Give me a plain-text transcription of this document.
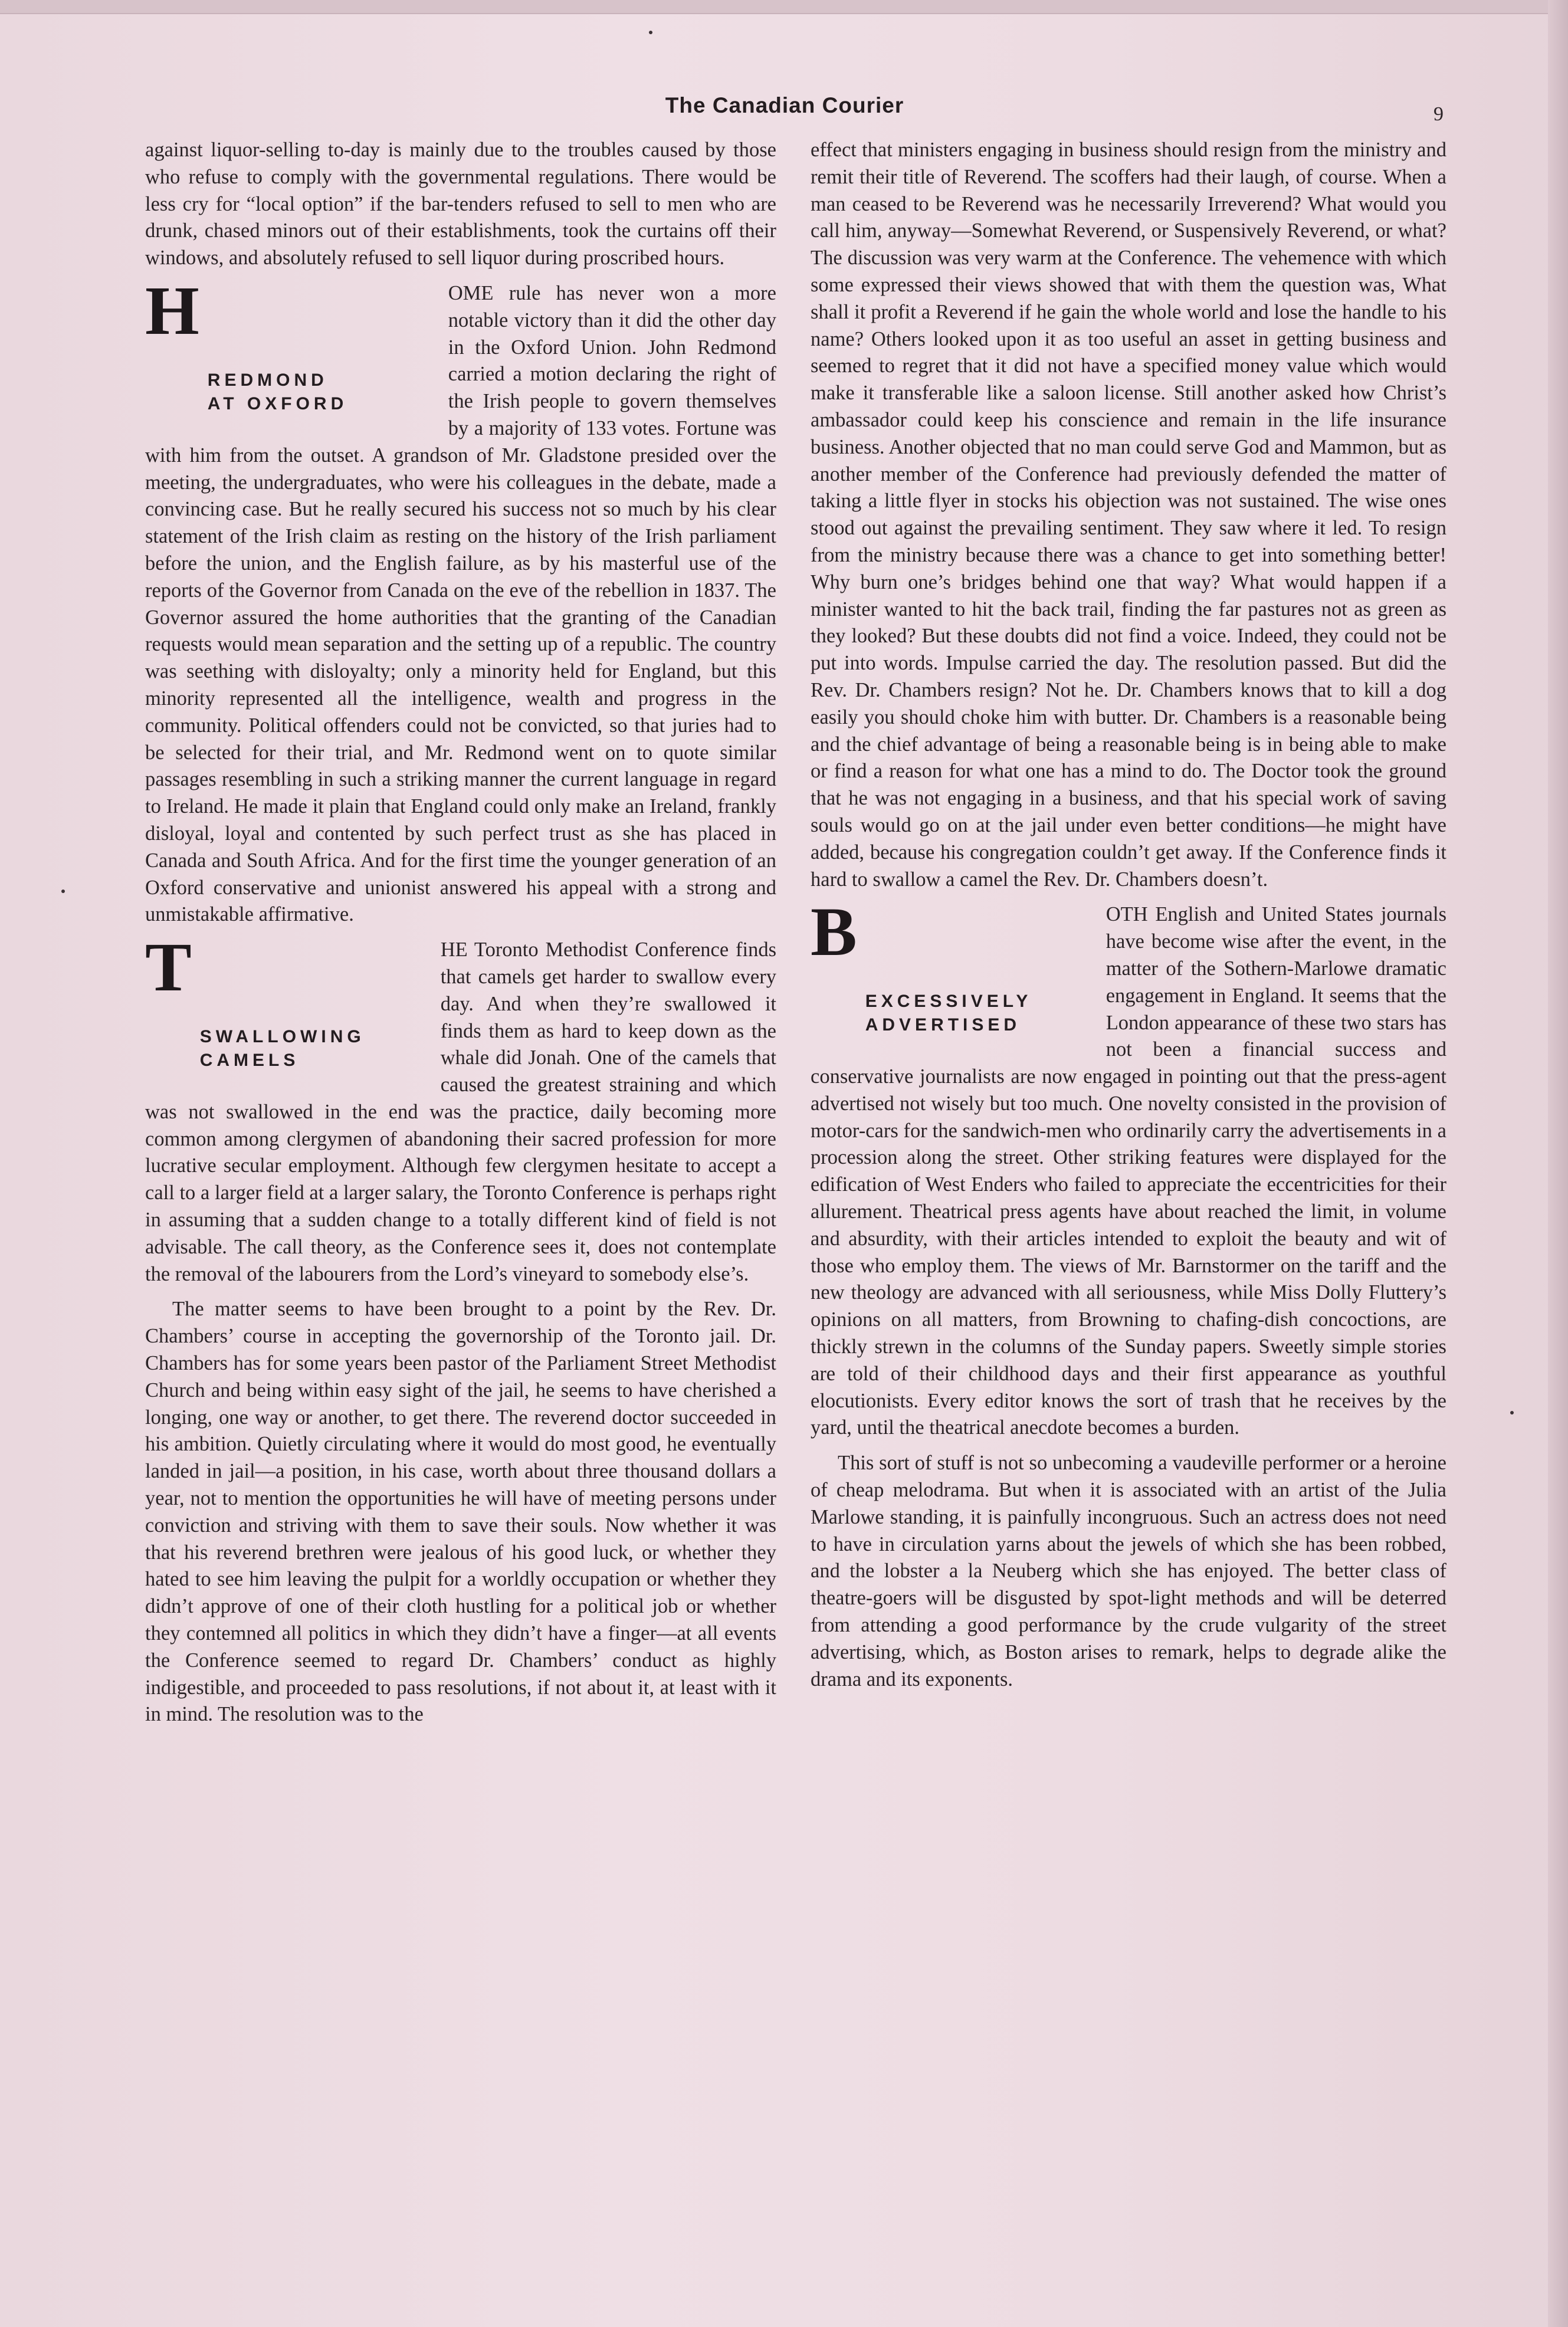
The Canadian Courier	9

against liquor-selling to-day is mainly due to the troubles caused by those who refuse to comply with the governmental regulations. There would be less cry for “local option” if the bar-tenders refused to sell to men who are drunk, chased minors out of their establishments, took the curtains off their windows, and absolutely refused to sell liquor during proscribed hours.

H
REDMOND
AT OXFORD
OME rule has never won a more notable victory than it did the other day in the Oxford Union. John Redmond carried a motion declaring the right of the Irish people to govern themselves by a majority of 133 votes. Fortune was with him from the outset. A grandson of Mr. Gladstone presided over the meeting, the undergraduates, who were his colleagues in the debate, made a convincing case. But he really secured his success not so much by his clear statement of the Irish claim as resting on the history of the Irish parliament before the union, and the English failure, as by his masterful use of the reports of the Governor from Canada on the eve of the rebellion in 1837. The Governor assured the home authorities that the granting of the Canadian requests would mean separation and the setting up of a republic. The country was seething with disloyalty; only a minority held for England, but this minority represented all the intelligence, wealth and progress in the community. Political offenders could not be convicted, so that juries had to be selected for their trial, and Mr. Redmond went on to quote similar passages resembling in such a striking manner the current language in regard to Ireland. He made it plain that England could only make an Ireland, frankly disloyal, loyal and contented by such perfect trust as she has placed in Canada and South Africa. And for the first time the younger generation of an Oxford conservative and unionist answered his appeal with a strong and unmistakable affirmative.

T
SWALLOWING
CAMELS
HE Toronto Methodist Conference finds that camels get harder to swallow every day. And when they’re swallowed it finds them as hard to keep down as the whale did Jonah. One of the camels that caused the greatest straining and which was not swallowed in the end was the practice, daily becoming more common among clergymen of abandoning their sacred profession for more lucrative secular employment. Although few clergymen hesitate to accept a call to a larger field at a larger salary, the Toronto Conference is perhaps right in assuming that a sudden change to a totally different kind of field is not advisable. The call theory, as the Conference sees it, does not contemplate the removal of the labourers from the Lord’s vineyard to somebody else’s.

The matter seems to have been brought to a point by the Rev. Dr. Chambers’ course in accepting the governorship of the Toronto jail. Dr. Chambers has for some years been pastor of the Parliament Street Methodist Church and being within easy sight of the jail, he seems to have cherished a longing, one way or another, to get there. The reverend doctor succeeded in his ambition. Quietly circulating where it would do most good, he eventually landed in jail—a position, in his case, worth about three thousand dollars a year, not to mention the opportunities he will have of meeting persons under conviction and striving with them to save their souls. Now whether it was that his reverend brethren were jealous of his good luck, or whether they hated to see him leaving the pulpit for a worldly occupation or whether they didn’t approve of one of their cloth hustling for a political job or whether they contemned all politics in which they didn’t have a finger—at all events the Conference seemed to regard Dr. Chambers’ conduct as highly indigestible, and proceeded to pass resolutions, if not about it, at least with it in mind. The resolution was to the

effect that ministers engaging in business should resign from the ministry and remit their title of Reverend. The scoffers had their laugh, of course. When a man ceased to be Reverend was he necessarily Irreverend? What would you call him, anyway—Somewhat Reverend, or Suspensively Reverend, or what? The discussion was very warm at the Conference. The vehemence with which some expressed their views showed that with them the question was, What shall it profit a Reverend if he gain the whole world and lose the handle to his name? Others looked upon it as too useful an asset in getting business and seemed to regret that it did not have a specified money value which would make it transferable like a saloon license. Still another asked how Christ’s ambassador could keep his conscience and remain in the life insurance business. Another objected that no man could serve God and Mammon, but as another member of the Conference had previously defended the matter of taking a little flyer in stocks his objection was not sustained. The wise ones stood out against the prevailing sentiment. They saw where it led. To resign from the ministry because there was a chance to get into something better! Why burn one’s bridges behind one that way? What would happen if a minister wanted to hit the back trail, finding the far pastures not as green as they looked? But these doubts did not find a voice. Indeed, they could not be put into words. Impulse carried the day. The resolution passed. But did the Rev. Dr. Chambers resign? Not he. Dr. Chambers knows that to kill a dog easily you should choke him with butter. Dr. Chambers is a reasonable being and the chief advantage of being a reasonable being is in being able to make or find a reason for what one has a mind to do. The Doctor took the ground that he was not engaging in a business, and that his special work of saving souls would go on at the jail under even better conditions—he might have added, because his congregation couldn’t get away. If the Conference finds it hard to swallow a camel the Rev. Dr. Chambers doesn’t.

B
EXCESSIVELY
ADVERTISED
OTH English and United States journals have become wise after the event, in the matter of the Sothern-Marlowe dramatic engagement in England. It seems that the London appearance of these two stars has not been a financial success and conservative journalists are now engaged in pointing out that the press-agent advertised not wisely but too much. One novelty consisted in the provision of motor-cars for the sandwich-men who ordinarily carry the advertisements in a procession along the street. Other striking features were displayed for the edification of West Enders who failed to appreciate the eccentricities for their allurement. Theatrical press agents have about reached the limit, in volume and absurdity, with their articles intended to exploit the beauty and wit of those who employ them. The views of Mr. Barnstormer on the tariff and the new theology are advanced with all seriousness, while Miss Dolly Fluttery’s opinions on all matters, from Browning to chafing-dish concoctions, are thickly strewn in the columns of the Sunday papers. Sweetly simple stories are told of their childhood days and their first appearance as youthful elocutionists. Every editor knows the sort of trash that he receives by the yard, until the theatrical anecdote becomes a burden.

This sort of stuff is not so unbecoming a vaudeville performer or a heroine of cheap melodrama. But when it is associated with an artist of the Julia Marlowe standing, it is painfully incongruous. Such an actress does not need to have in circulation yarns about the jewels of which she has been robbed, and the lobster a la Neuberg which she has enjoyed. The better class of theatre-goers will be disgusted by spot-light methods and will be deterred from attending a good performance by the crude vulgarity of the street advertising, which, as Boston arises to remark, helps to degrade alike the drama and its exponents.
